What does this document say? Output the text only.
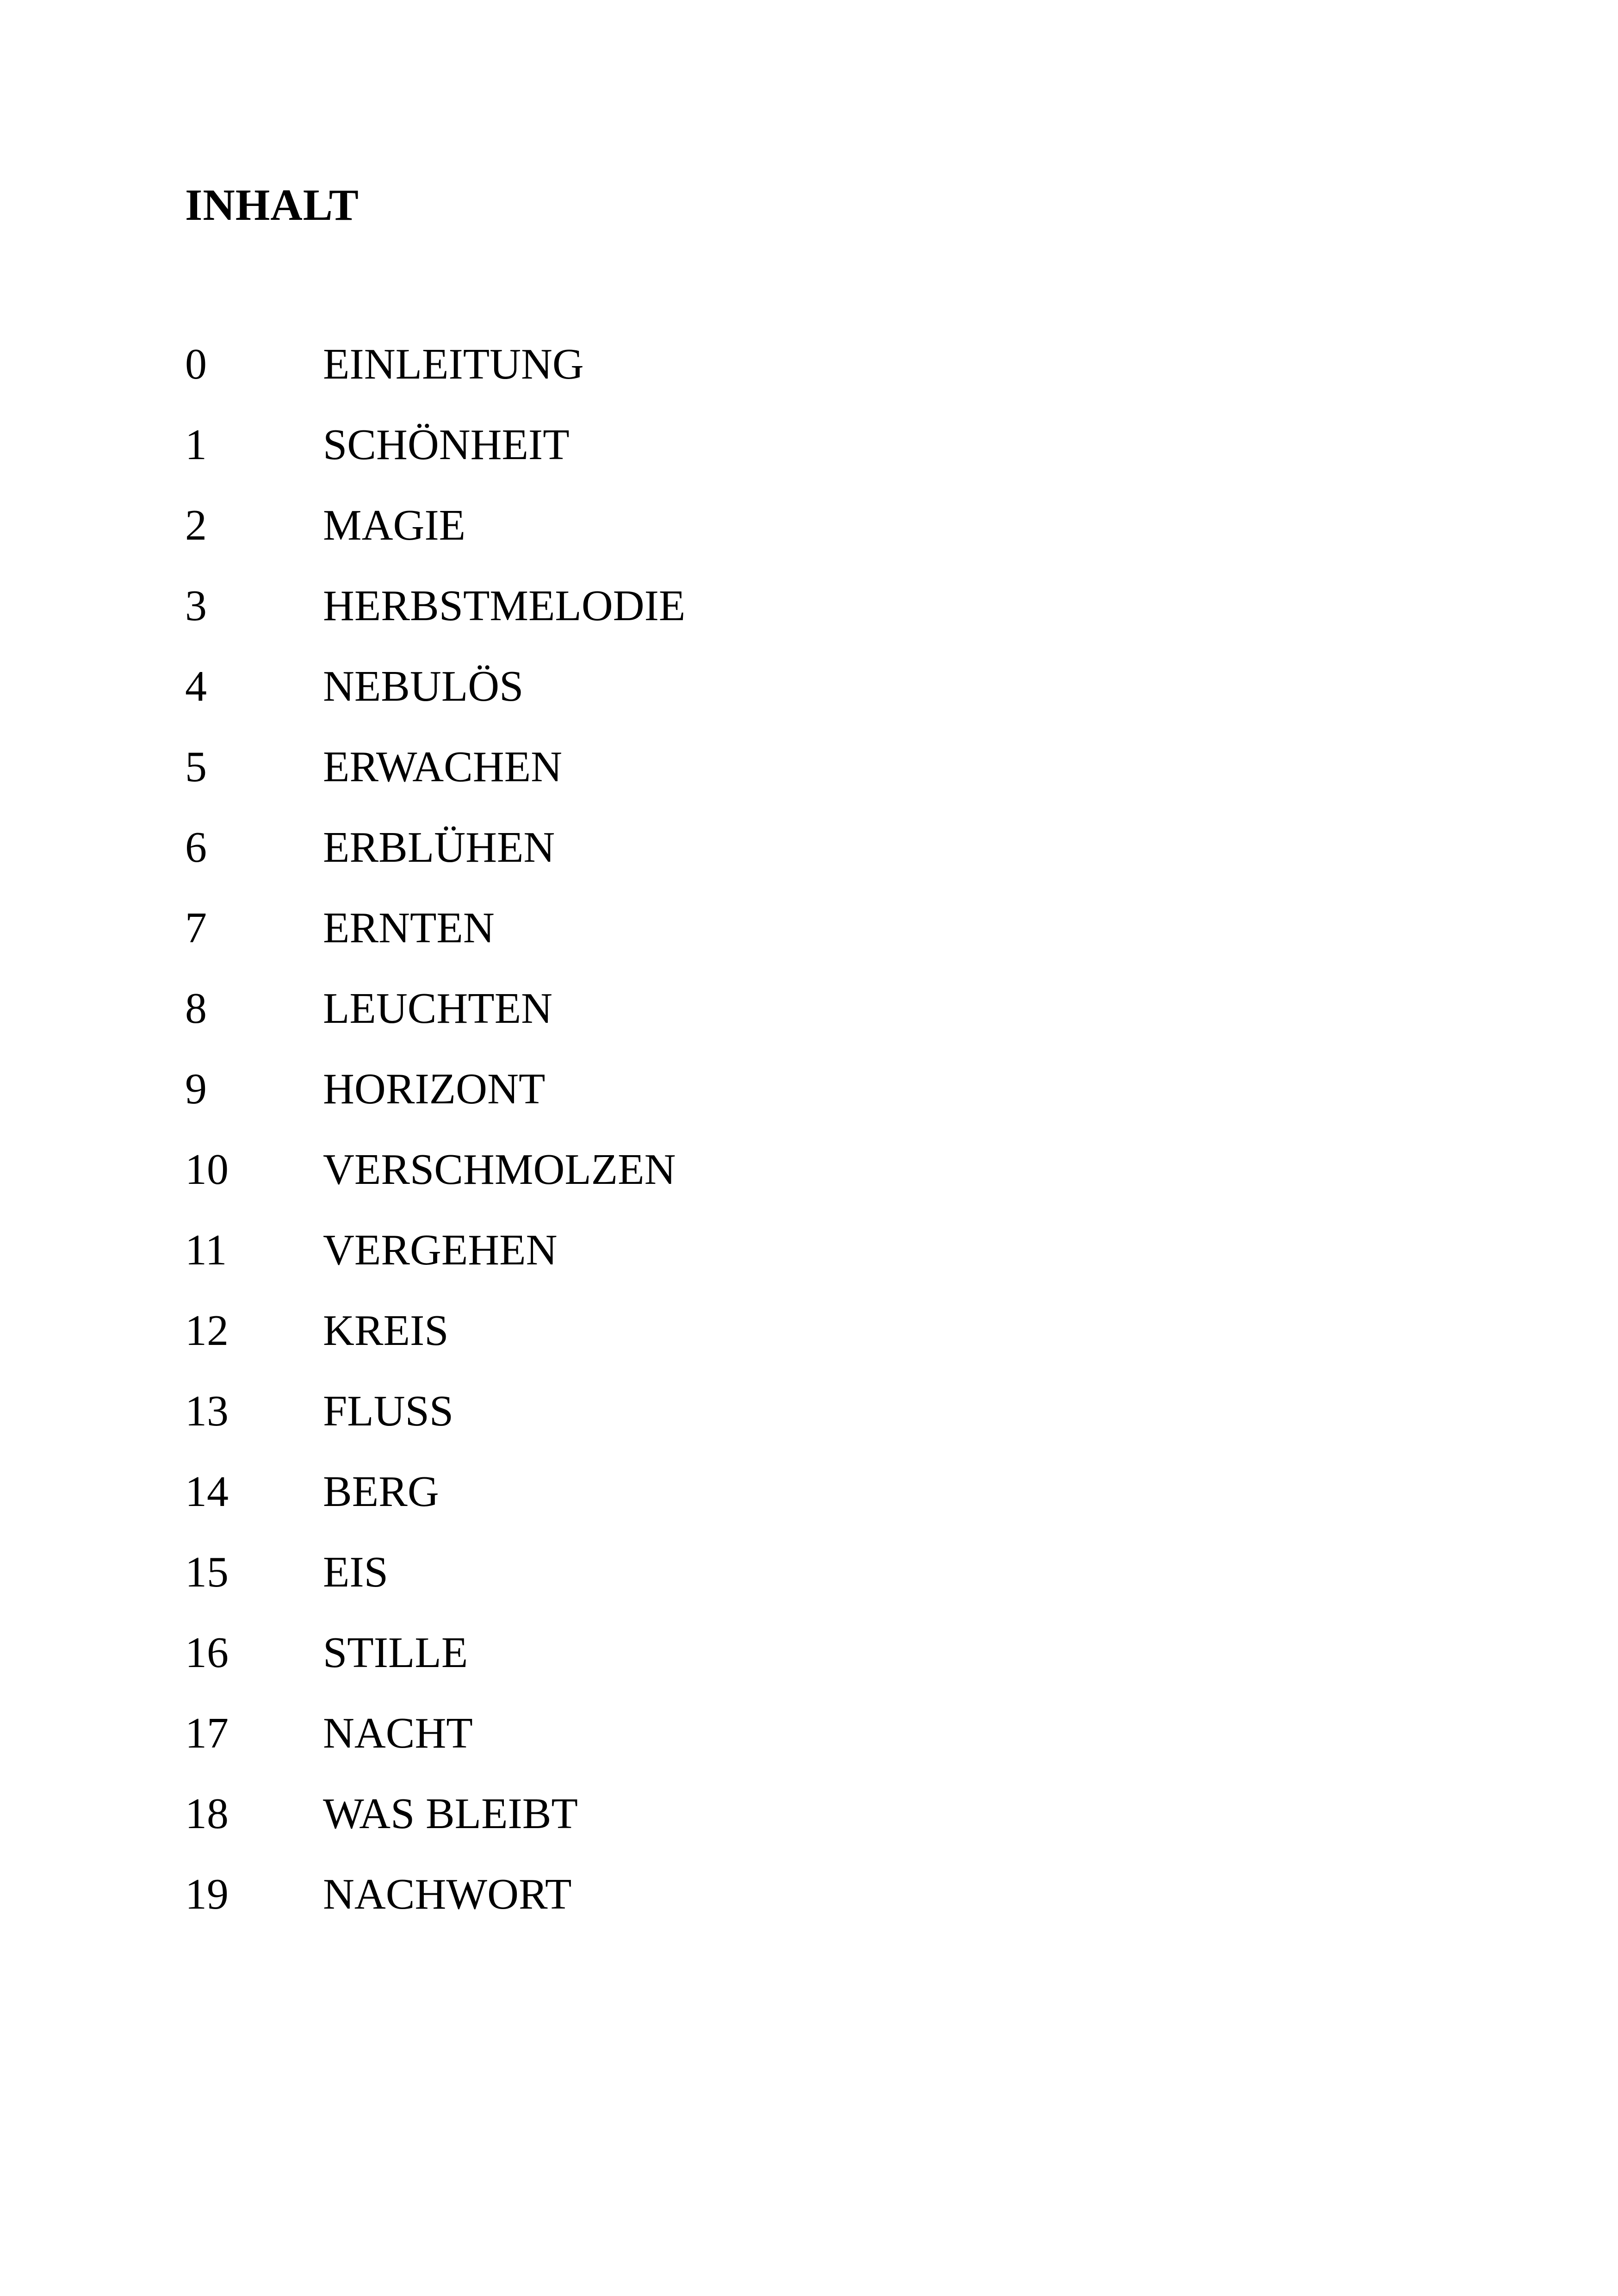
INHALT
0	EINLEITUNG
1	SCHÖNHEIT
2	MAGIE
3	HERBSTMELODIE
4	NEBULÖS
5	ERWACHEN
6	ERBLÜHEN
7	ERNTEN
8	LEUCHTEN
9	HORIZONT
10	VERSCHMOLZEN
11	VERGEHEN
12	KREIS
13	FLUSS
14	BERG
15	EIS
16	STILLE
17	NACHT
18	WAS BLEIBT
19	NACHWORT
